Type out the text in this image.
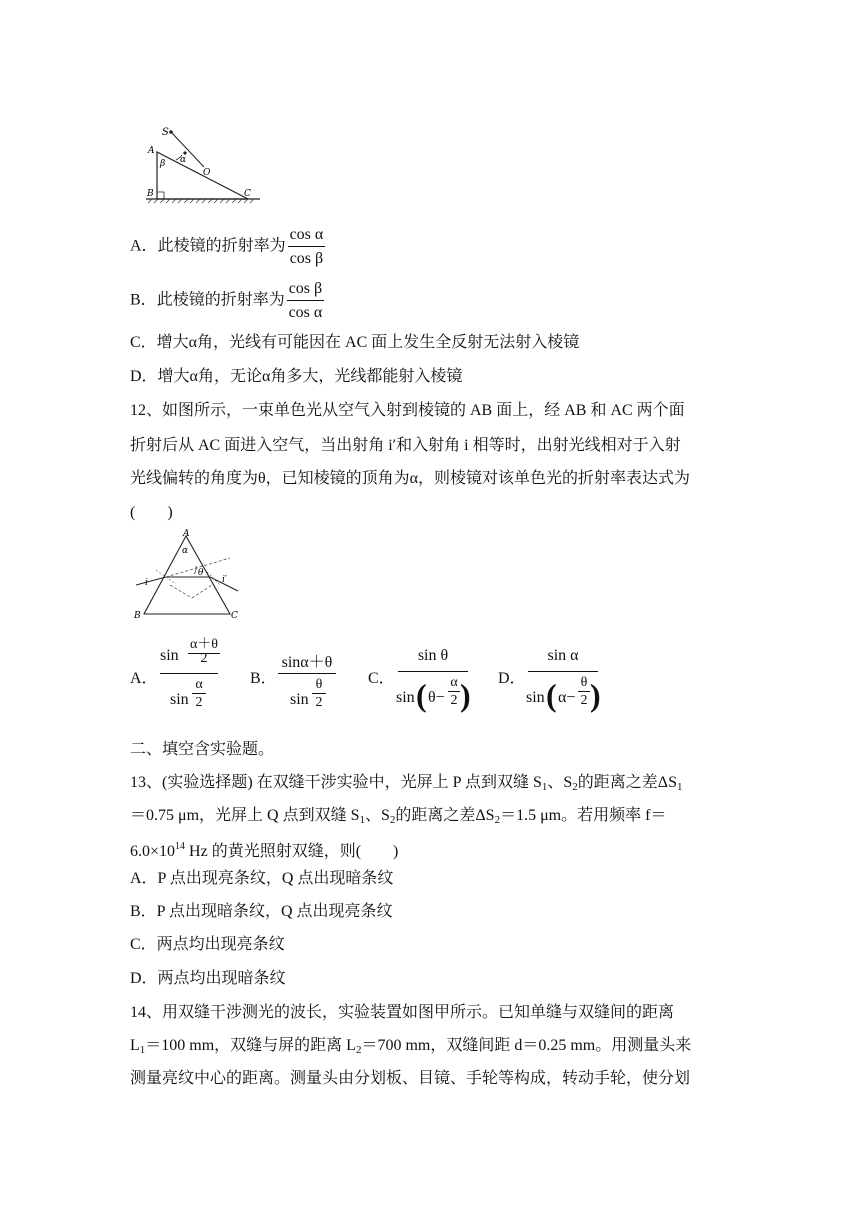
S
A
α
β
O
B	C
A．此棱镜的折射率为 $\frac{\text{cos α}}{\text{cos β}}$
B．此棱镜的折射率为 $\frac{\text{cos β}}{\text{cos α}}$
C．增大α角，光线有可能因在 AC 面上发生全反射无法射入棱镜
D．增大α角，无论α角多大，光线都能射入棱镜
12、如图所示，一束单色光从空气入射到棱镜的 AB 面上，经 AB 和 AC 两个面
折射后从 AC 面进入空气，当出射角 i′和入射角 i 相等时，出射光线相对于入射
光线偏转的角度为θ，已知棱镜的顶角为α，则棱镜对该单色光的折射率表达式为
(　　)
A
α
θ
i	i′
B	C
A．
sin
α＋θ
2
sin
α
2
B．
sinα＋θ
sin
θ
2
C．
sin θ
sin ( θ−
α
2 ) D．
sin α
sin ( α−
θ
2 )
二、填空含实验题。
13、(实验选择题) 在双缝干涉实验中，光屏上 P 点到双缝 $S_1$、$S_2$的距离之差$\Delta S_1$
＝0.75 μm，光屏上 Q 点到双缝 $S_1$、$S_2$的距离之差$\Delta S_2=1.5$ μm。若用频率 f＝
$6.0\times 10^{14}$ Hz 的黄光照射双缝，则(　　)
A．P 点出现亮条纹，Q 点出现暗条纹
B．P 点出现暗条纹，Q 点出现亮条纹
C．两点均出现亮条纹
D．两点均出现暗条纹
14、用双缝干涉测光的波长，实验装置如图甲所示。已知单缝与双缝间的距离
$L_1=100$ mm，双缝与屏的距离 $L_2=700$ mm，双缝间距 d＝0.25 mm。用测量头来
测量亮纹中心的距离。测量头由分划板、目镜、手轮等构成，转动手轮，使分划
